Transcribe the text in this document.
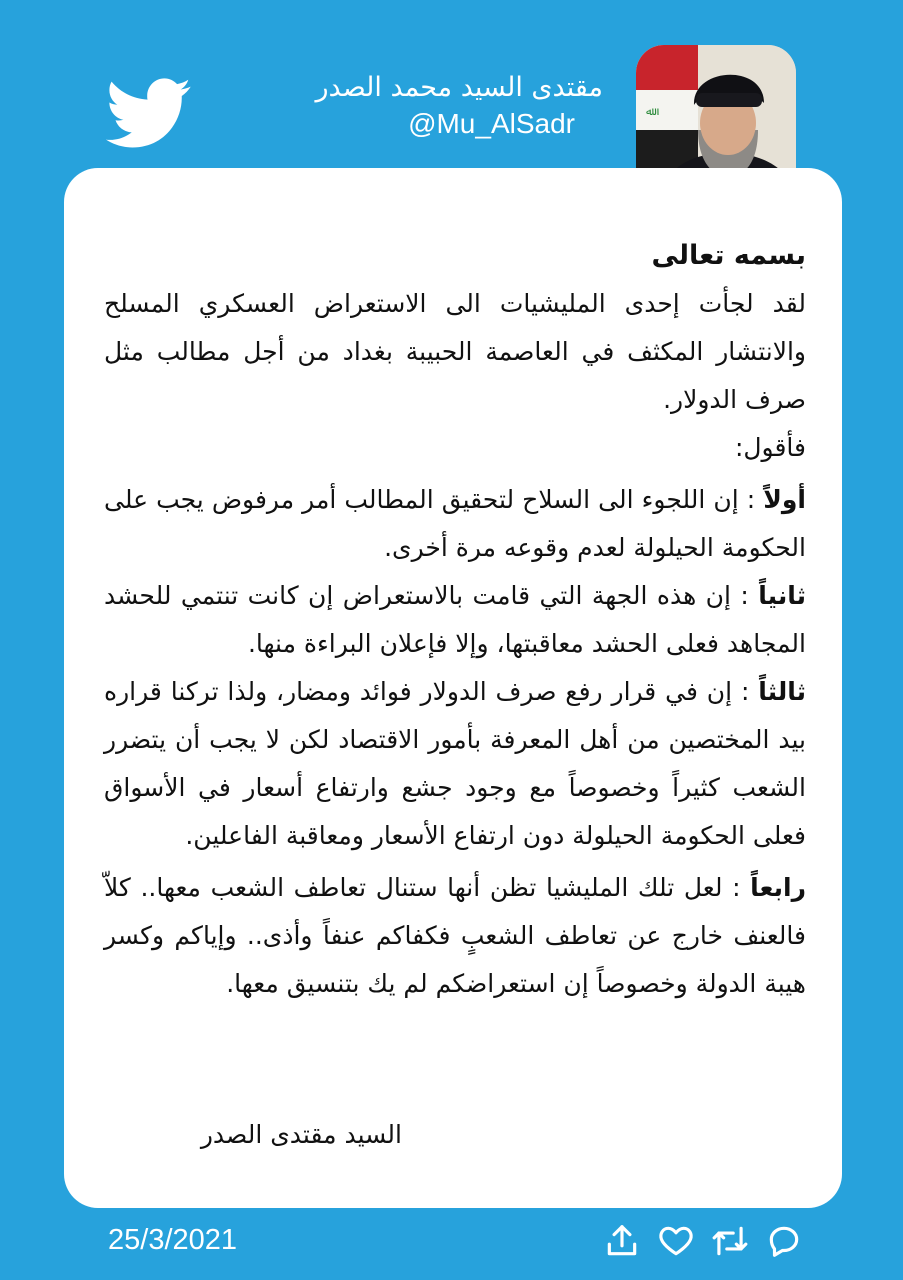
مقتدى السيد محمد الصدر
@Mu_AlSadr	ﷲ

بسمه تعالى

لقد لجأت إحدى المليشيات الى الاستعراض العسكري المسلح والانتشار المكثف في العاصمة الحبيبة بغداد من أجل مطالب مثل صرف الدولار.

فأقول:

أولاً : إن اللجوء الى السلاح لتحقيق المطالب أمر مرفوض يجب على الحكومة الحيلولة لعدم وقوعه مرة أخرى.

ثانياً : إن هذه الجهة التي قامت بالاستعراض إن كانت تنتمي للحشد المجاهد فعلى الحشد معاقبتها، وإلا فإعلان البراءة منها.

ثالثاً : إن في قرار رفع صرف الدولار فوائد ومضار، ولذا تركنا قراره بيد المختصين من أهل المعرفة بأمور الاقتصاد لكن لا يجب أن يتضرر الشعب كثيراً وخصوصاً مع وجود جشع وارتفاع أسعار في الأسواق فعلى الحكومة الحيلولة دون ارتفاع الأسعار ومعاقبة الفاعلين.

رابعاً : لعل تلك المليشيا تظن أنها ستنال تعاطف الشعب معها.. كلاّ فالعنف خارج عن تعاطف الشعبٍ فكفاكم عنفاً وأذى.. وإياكم وكسر هيبة الدولة وخصوصاً إن استعراضكم لم يك بتنسيق معها.

السيد مقتدى الصدر
25/3/2021
